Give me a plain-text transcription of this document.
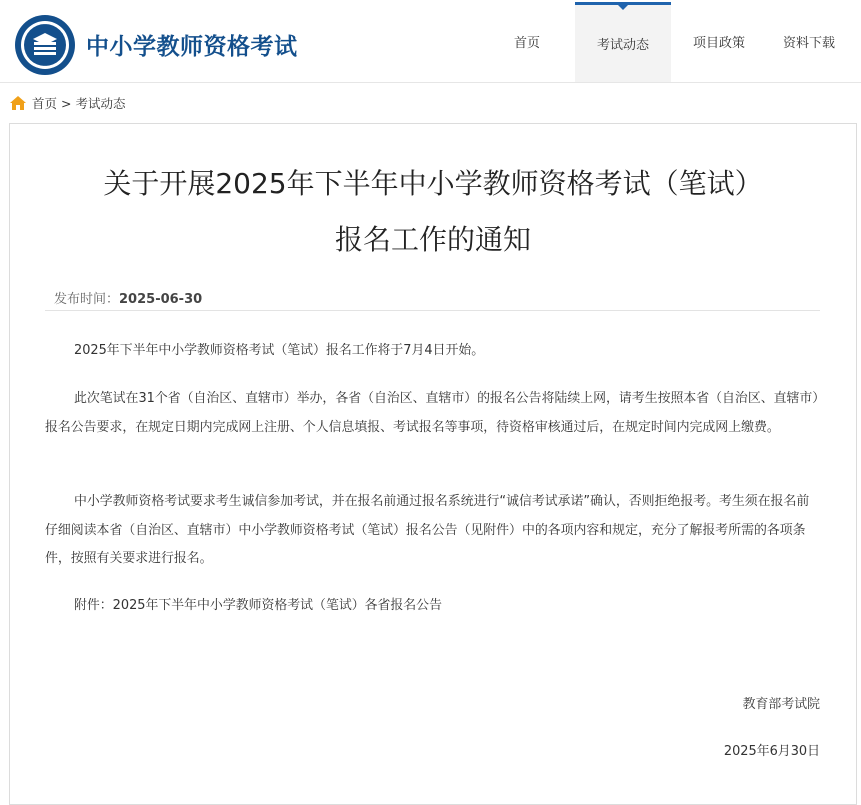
中小学教师资格考试	首页	考试动态	项目政策	资料下载
首页 > 考试动态
关于开展2025年下半年中小学教师资格考试（笔试）
报名工作的通知
发布时间：2025-06-30

2025年下半年中小学教师资格考试（笔试）报名工作将于7月4日开始。

此次笔试在31个省（自治区、直辖市）举办，各省（自治区、直辖市）的报名公告将陆续上网，请考生按照本省（自治区、直辖市）报名公告要求，在规定日期内完成网上注册、个人信息填报、考试报名等事项，待资格审核通过后，在规定时间内完成网上缴费。

中小学教师资格考试要求考生诚信参加考试，并在报名前通过报名系统进行“诚信考试承诺”确认，否则拒绝报考。考生须在报名前仔细阅读本省（自治区、直辖市）中小学教师资格考试（笔试）报名公告（见附件）中的各项内容和规定，充分了解报考所需的各项条件，按照有关要求进行报名。

附件：2025年下半年中小学教师资格考试（笔试）各省报名公告

教育部考试院
2025年6月30日
